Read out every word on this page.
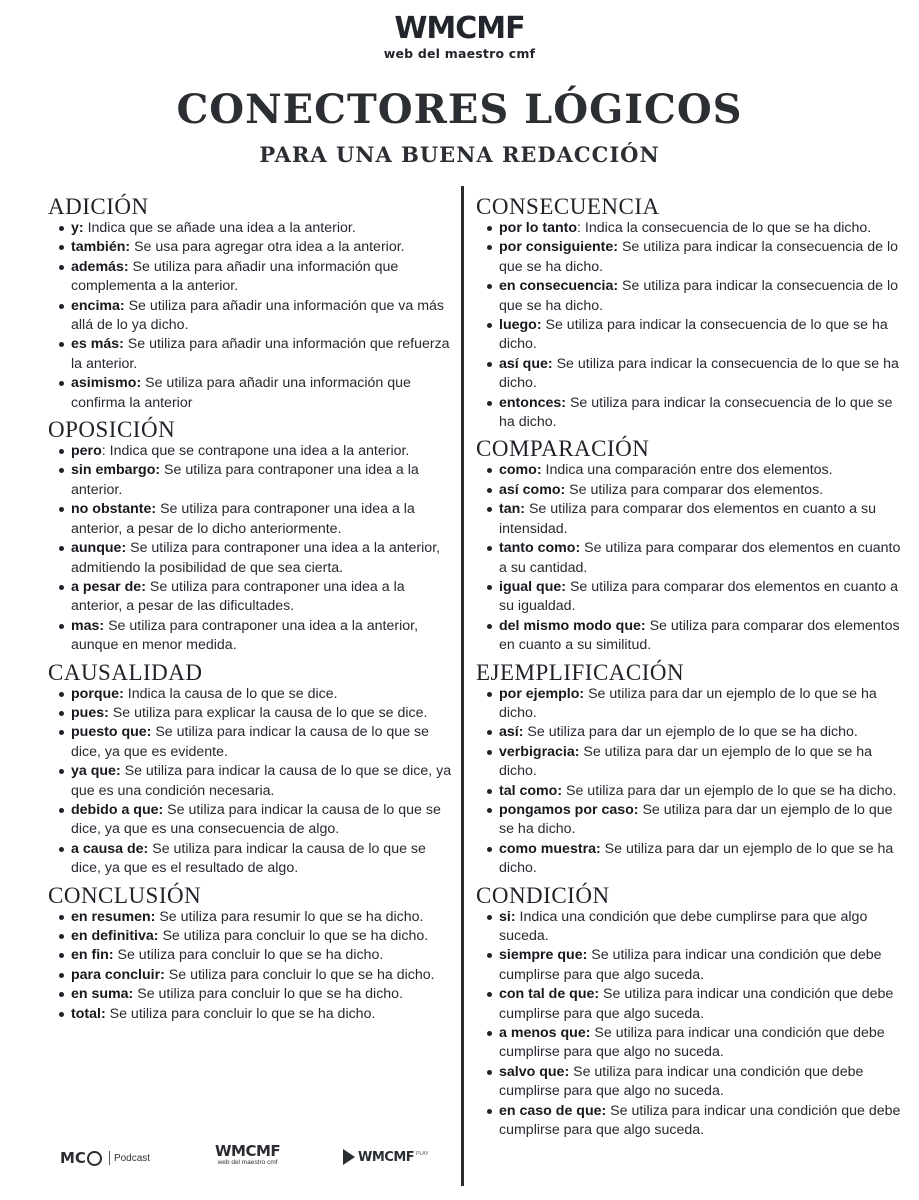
WMCMF
web del maestro cmf
CONECTORES LÓGICOS
PARA UNA BUENA REDACCIÓN
ADICIÓN
y: Indica que se añade una idea a la anterior.
también: Se usa para agregar otra idea a la anterior.
además: Se utiliza para añadir una información que complementa a la anterior.
encima: Se utiliza para añadir una información que va más allá de lo ya dicho.
es más: Se utiliza para añadir una información que refuerza la anterior.
asimismo: Se utiliza para añadir una información que confirma la anterior
OPOSICIÓN
pero: Indica que se contrapone una idea a la anterior.
sin embargo: Se utiliza para contraponer una idea a la anterior.
no obstante: Se utiliza para contraponer una idea a la anterior, a pesar de lo dicho anteriormente.
aunque: Se utiliza para contraponer una idea a la anterior, admitiendo la posibilidad de que sea cierta.
a pesar de: Se utiliza para contraponer una idea a la anterior, a pesar de las dificultades.
mas: Se utiliza para contraponer una idea a la anterior, aunque en menor medida.
CAUSALIDAD
porque: Indica la causa de lo que se dice.
pues: Se utiliza para explicar la causa de lo que se dice.
puesto que: Se utiliza para indicar la causa de lo que se dice, ya que es evidente.
ya que: Se utiliza para indicar la causa de lo que se dice, ya que es una condición necesaria.
debido a que: Se utiliza para indicar la causa de lo que se dice, ya que es una consecuencia de algo.
a causa de: Se utiliza para indicar la causa de lo que se dice, ya que es el resultado de algo.
CONCLUSIÓN
en resumen: Se utiliza para resumir lo que se ha dicho.
en definitiva: Se utiliza para concluir lo que se ha dicho.
en fin: Se utiliza para concluir lo que se ha dicho.
para concluir: Se utiliza para concluir lo que se ha dicho.
en suma: Se utiliza para concluir lo que se ha dicho.
total: Se utiliza para concluir lo que se ha dicho.
CONSECUENCIA
por lo tanto: Indica la consecuencia de lo que se ha dicho.
por consiguiente: Se utiliza para indicar la consecuencia de lo que se ha dicho.
en consecuencia: Se utiliza para indicar la consecuencia de lo que se ha dicho.
luego: Se utiliza para indicar la consecuencia de lo que se ha dicho.
así que: Se utiliza para indicar la consecuencia de lo que se ha dicho.
entonces: Se utiliza para indicar la consecuencia de lo que se ha dicho.
COMPARACIÓN
como: Indica una comparación entre dos elementos.
así como: Se utiliza para comparar dos elementos.
tan: Se utiliza para comparar dos elementos en cuanto a su intensidad.
tanto como: Se utiliza para comparar dos elementos en cuanto a su cantidad.
igual que: Se utiliza para comparar dos elementos en cuanto a su igualdad.
del mismo modo que: Se utiliza para comparar dos elementos en cuanto a su similitud.
EJEMPLIFICACIÓN
por ejemplo: Se utiliza para dar un ejemplo de lo que se ha dicho.
así: Se utiliza para dar un ejemplo de lo que se ha dicho.
verbigracia: Se utiliza para dar un ejemplo de lo que se ha dicho.
tal como: Se utiliza para dar un ejemplo de lo que se ha dicho.
pongamos por caso: Se utiliza para dar un ejemplo de lo que se ha dicho.
como muestra: Se utiliza para dar un ejemplo de lo que se ha dicho.
CONDICIÓN
si: Indica una condición que debe cumplirse para que algo suceda.
siempre que: Se utiliza para indicar una condición que debe cumplirse para que algo suceda.
con tal de que: Se utiliza para indicar una condición que debe cumplirse para que algo suceda.
a menos que: Se utiliza para indicar una condición que debe cumplirse para que algo no suceda.
salvo que: Se utiliza para indicar una condición que debe cumplirse para que algo no suceda.
en caso de que: Se utiliza para indicar una condición que debe cumplirse para que algo suceda.
MC	Podcast	WMCMF
web del maestro cmf	WMCMF PLAY
